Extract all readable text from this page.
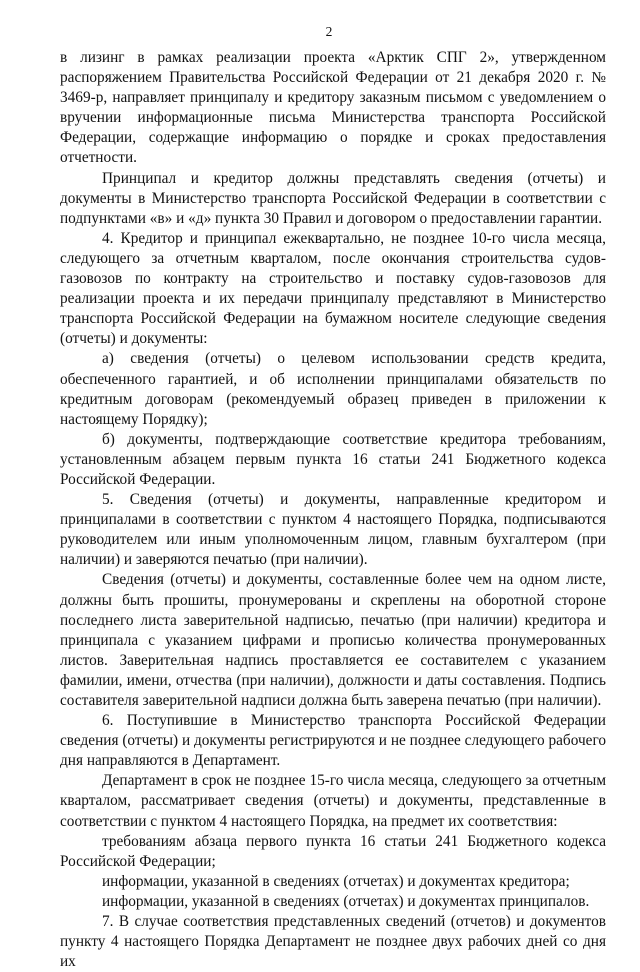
2

в лизинг в рамках реализации проекта «Арктик СПГ 2», утвержденном распоряжением Правительства Российской Федерации от 21 декабря 2020 г. № 3469-р, направляет принципалу и кредитору заказным письмом с уведомлением о вручении информационные письма Министерства транспорта Российской Федерации, содержащие информацию о порядке и сроках предоставления отчетности.

Принципал и кредитор должны представлять сведения (отчеты) и документы в Министерство транспорта Российской Федерации в соответствии с подпунктами «в» и «д» пункта 30 Правил и договором о предоставлении гарантии.

4. Кредитор и принципал ежеквартально, не позднее 10-го числа месяца, следующего за отчетным кварталом, после окончания строительства судов-газовозов по контракту на строительство и поставку судов-газовозов для реализации проекта и их передачи принципалу представляют в Министерство транспорта Российской Федерации на бумажном носителе следующие сведения (отчеты) и документы:

а) сведения (отчеты) о целевом использовании средств кредита, обеспеченного гарантией, и об исполнении принципалами обязательств по кредитным договорам (рекомендуемый образец приведен в приложении к настоящему Порядку);

б) документы, подтверждающие соответствие кредитора требованиям, установленным абзацем первым пункта 16 статьи 241 Бюджетного кодекса Российской Федерации.

5. Сведения (отчеты) и документы, направленные кредитором и принципалами в соответствии с пунктом 4 настоящего Порядка, подписываются руководителем или иным уполномоченным лицом, главным бухгалтером (при наличии) и заверяются печатью (при наличии).

Сведения (отчеты) и документы, составленные более чем на одном листе, должны быть прошиты, пронумерованы и скреплены на оборотной стороне последнего листа заверительной надписью, печатью (при наличии) кредитора и принципала с указанием цифрами и прописью количества пронумерованных листов. Заверительная надпись проставляется ее составителем с указанием фамилии, имени, отчества (при наличии), должности и даты составления. Подпись составителя заверительной надписи должна быть заверена печатью (при наличии).

6. Поступившие в Министерство транспорта Российской Федерации сведения (отчеты) и документы регистрируются и не позднее следующего рабочего дня направляются в Департамент.

Департамент в срок не позднее 15-го числа месяца, следующего за отчетным кварталом, рассматривает сведения (отчеты) и документы, представленные в соответствии с пунктом 4 настоящего Порядка, на предмет их соответствия:

требованиям абзаца первого пункта 16 статьи 241 Бюджетного кодекса Российской Федерации;

информации, указанной в сведениях (отчетах) и документах кредитора;

информации, указанной в сведениях (отчетах) и документах принципалов.

7. В случае соответствия представленных сведений (отчетов) и документов пункту 4 настоящего Порядка Департамент не позднее двух рабочих дней со дня их
